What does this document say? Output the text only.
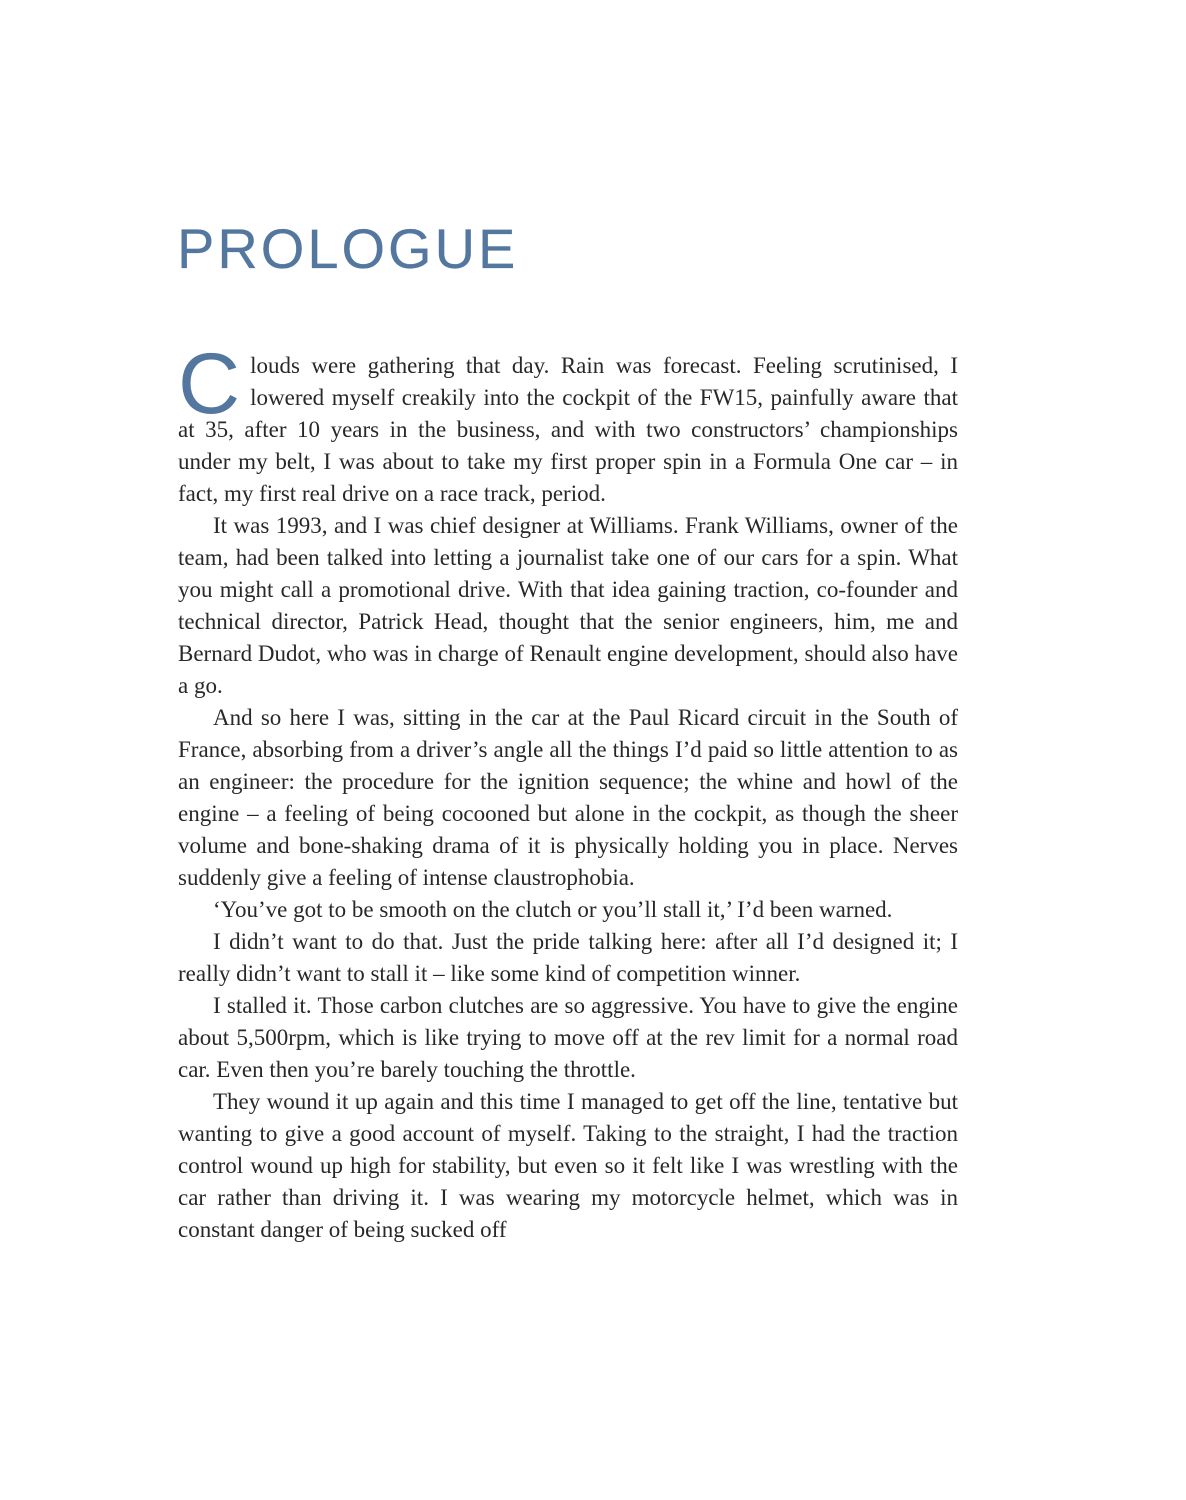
PROLOGUE

Clouds were gathering that day. Rain was forecast. Feeling scrutinised, I lowered myself creakily into the cockpit of the FW15, painfully aware that at 35, after 10 years in the business, and with two constructors’ championships under my belt, I was about to take my first proper spin in a Formula One car – in fact, my first real drive on a race track, period.

It was 1993, and I was chief designer at Williams. Frank Williams, owner of the team, had been talked into letting a journalist take one of our cars for a spin. What you might call a promotional drive. With that idea gaining traction, co-founder and technical director, Patrick Head, thought that the senior engineers, him, me and Bernard Dudot, who was in charge of Renault engine development, should also have a go.

And so here I was, sitting in the car at the Paul Ricard circuit in the South of France, absorbing from a driver’s angle all the things I’d paid so little attention to as an engineer: the procedure for the ignition sequence; the whine and howl of the engine – a feeling of being cocooned but alone in the cockpit, as though the sheer volume and bone-shaking drama of it is physically holding you in place. Nerves suddenly give a feeling of intense claustrophobia.

‘You’ve got to be smooth on the clutch or you’ll stall it,’ I’d been warned.

I didn’t want to do that. Just the pride talking here: after all I’d designed it; I really didn’t want to stall it – like some kind of competition winner.

I stalled it. Those carbon clutches are so aggressive. You have to give the engine about 5,500rpm, which is like trying to move off at the rev limit for a normal road car. Even then you’re barely touching the throttle.

They wound it up again and this time I managed to get off the line, tentative but wanting to give a good account of myself. Taking to the straight, I had the traction control wound up high for stability, but even so it felt like I was wrestling with the car rather than driving it. I was wearing my motorcycle helmet, which was in constant danger of being sucked off
